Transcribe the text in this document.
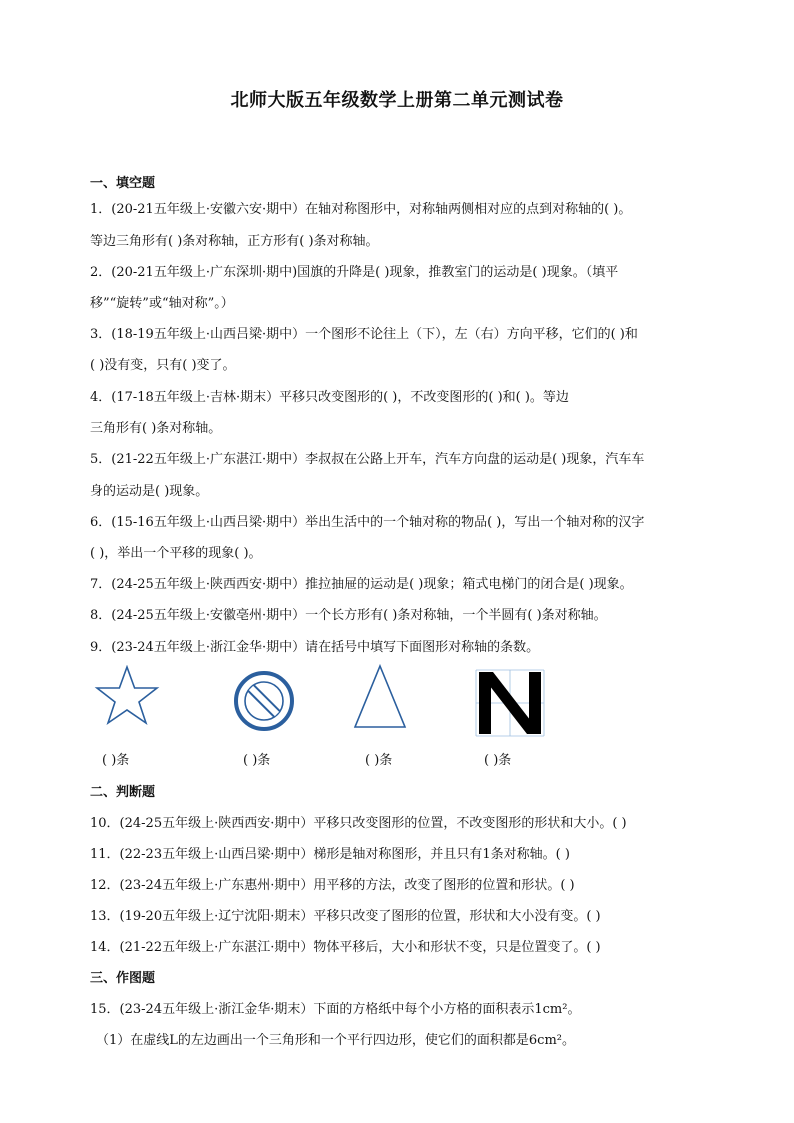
北师大版五年级数学上册第二单元测试卷
一、填空题
1．(20-21五年级上·安徽六安·期中）在轴对称图形中，对称轴两侧相对应的点到对称轴的( )。
等边三角形有( )条对称轴，正方形有( )条对称轴。
2．(20-21五年级上·广东深圳·期中)国旗的升降是( )现象，推教室门的运动是( )现象。（填平
移”“旋转”或“轴对称”。）
3．(18-19五年级上·山西吕梁·期中）一个图形不论往上（下），左（右）方向平移，它们的( )和
( )没有变，只有( )变了。
4．(17-18五年级上·吉林·期末）平移只改变图形的( )，不改变图形的( )和( )。等边
三角形有( )条对称轴。
5．(21-22五年级上·广东湛江·期中）李叔叔在公路上开车，汽车方向盘的运动是( )现象，汽车车
身的运动是( )现象。
6．(15-16五年级上·山西吕梁·期中）举出生活中的一个轴对称的物品( )，写出一个轴对称的汉字
( )，举出一个平移的现象( )。
7．(24-25五年级上·陕西西安·期中）推拉抽屉的运动是( )现象；箱式电梯门的闭合是( )现象。
8．(24-25五年级上·安徽亳州·期中）一个长方形有( )条对称轴，一个半圆有( )条对称轴。
9．(23-24五年级上·浙江金华·期中）请在括号中填写下面图形对称轴的条数。
( )条	( )条	( )条	( )条
二、判断题
10．(24-25五年级上·陕西西安·期中）平移只改变图形的位置，不改变图形的形状和大小。( )
11．(22-23五年级上·山西吕梁·期中）梯形是轴对称图形，并且只有1条对称轴。( )
12．(23-24五年级上·广东惠州·期中）用平移的方法，改变了图形的位置和形状。( )
13．(19-20五年级上·辽宁沈阳·期末）平移只改变了图形的位置，形状和大小没有变。( )
14．(21-22五年级上·广东湛江·期中）物体平移后，大小和形状不变，只是位置变了。( )
三、作图题
15．(23-24五年级上·浙江金华·期末）下面的方格纸中每个小方格的面积表示1cm²。
（1）在虚线L的左边画出一个三角形和一个平行四边形，使它们的面积都是6cm²。
